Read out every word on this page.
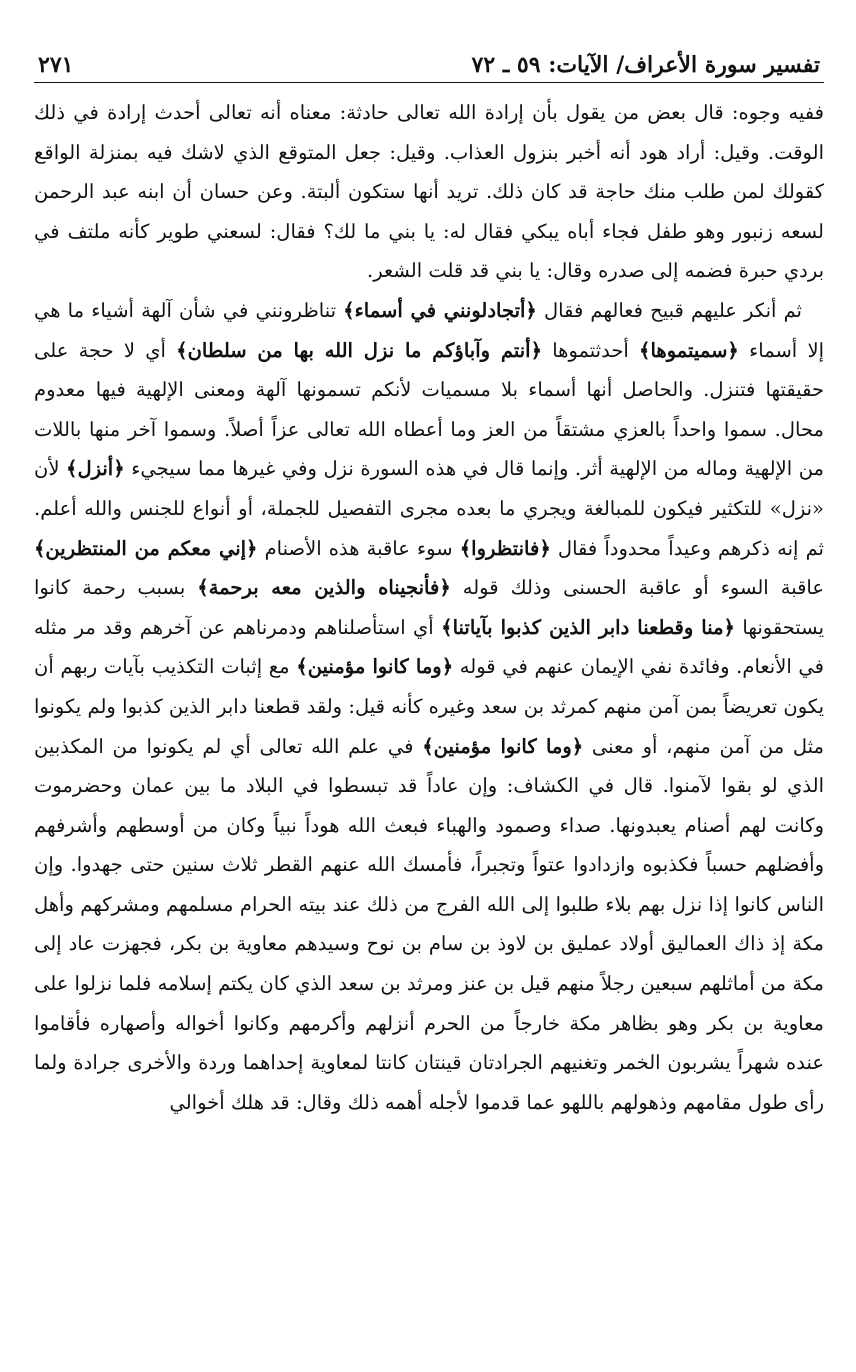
تفسير سورة الأعراف/ الآيات: ٥٩ ـ ٧٢
٢٧١

ففيه وجوه: قال بعض من يقول بأن إرادة الله تعالى حادثة: معناه أنه تعالى أحدث إرادة في ذلك الوقت. وقيل: أراد هود أنه أخبر بنزول العذاب. وقيل: جعل المتوقع الذي لاشك فيه بمنزلة الواقع كقولك لمن طلب منك حاجة قد كان ذلك. تريد أنها ستكون ألبتة. وعن حسان أن ابنه عبد الرحمن لسعه زنبور وهو طفل فجاء أباه يبكي فقال له: يا بني ما لك؟ فقال: لسعني طوير كأنه ملتف في بردي حبرة فضمه إلى صدره وقال: يا بني قد قلت الشعر.

ثم أنكر عليهم قبيح فعالهم فقال ﴿أتجادلونني في أسماء﴾ تناظرونني في شأن آلهة أشياء ما هي إلا أسماء ﴿سميتموها﴾ أحدثتموها ﴿أنتم وآباؤكم ما نزل الله بها من سلطان﴾ أي لا حجة على حقيقتها فتنزل. والحاصل أنها أسماء بلا مسميات لأنكم تسمونها آلهة ومعنى الإلهية فيها معدوم محال. سموا واحداً بالعزي مشتقاً من العز وما أعطاه الله تعالى عزاً أصلاً. وسموا آخر منها باللات من الإلهية وماله من الإلهية أثر. وإنما قال في هذه السورة نزل وفي غيرها مما سيجيء ﴿أنزل﴾ لأن «نزل» للتكثير فيكون للمبالغة ويجري ما بعده مجرى التفصيل للجملة، أو أنواع للجنس والله أعلم. ثم إنه ذكرهم وعيداً محدوداً فقال ﴿فانتظروا﴾ سوء عاقبة هذه الأصنام ﴿إني معكم من المنتظرين﴾ عاقبة السوء أو عاقبة الحسنى وذلك قوله ﴿فأنجيناه والذين معه برحمة﴾ بسبب رحمة كانوا يستحقونها ﴿منا وقطعنا دابر الذين كذبوا بآياتنا﴾ أي استأصلناهم ودمرناهم عن آخرهم وقد مر مثله في الأنعام. وفائدة نفي الإيمان عنهم في قوله ﴿وما كانوا مؤمنين﴾ مع إثبات التكذيب بآيات ربهم أن يكون تعريضاً بمن آمن منهم كمرثد بن سعد وغيره كأنه قيل: ولقد قطعنا دابر الذين كذبوا ولم يكونوا مثل من آمن منهم، أو معنى ﴿وما كانوا مؤمنين﴾ في علم الله تعالى أي لم يكونوا من المكذبين الذي لو بقوا لآمنوا. قال في الكشاف: وإن عاداً قد تبسطوا في البلاد ما بين عمان وحضرموت وكانت لهم أصنام يعبدونها. صداء وصمود والهباء فبعث الله هوداً نبياً وكان من أوسطهم وأشرفهم وأفضلهم حسباً فكذبوه وازدادوا عتواً وتجبراً، فأمسك الله عنهم القطر ثلاث سنين حتى جهدوا. وإن الناس كانوا إذا نزل بهم بلاء طلبوا إلى الله الفرج من ذلك عند بيته الحرام مسلمهم ومشركهم وأهل مكة إذ ذاك العماليق أولاد عمليق بن لاوذ بن سام بن نوح وسيدهم معاوية بن بكر، فجهزت عاد إلى مكة من أماثلهم سبعين رجلاً منهم قيل بن عنز ومرثد بن سعد الذي كان يكتم إسلامه فلما نزلوا على معاوية بن بكر وهو بظاهر مكة خارجاً من الحرم أنزلهم وأكرمهم وكانوا أخواله وأصهاره فأقاموا عنده شهراً يشربون الخمر وتغنيهم الجرادتان قينتان كانتا لمعاوية إحداهما وردة والأخرى جرادة ولما رأى طول مقامهم وذهولهم باللهو عما قدموا لأجله أهمه ذلك وقال: قد هلك أخوالي
